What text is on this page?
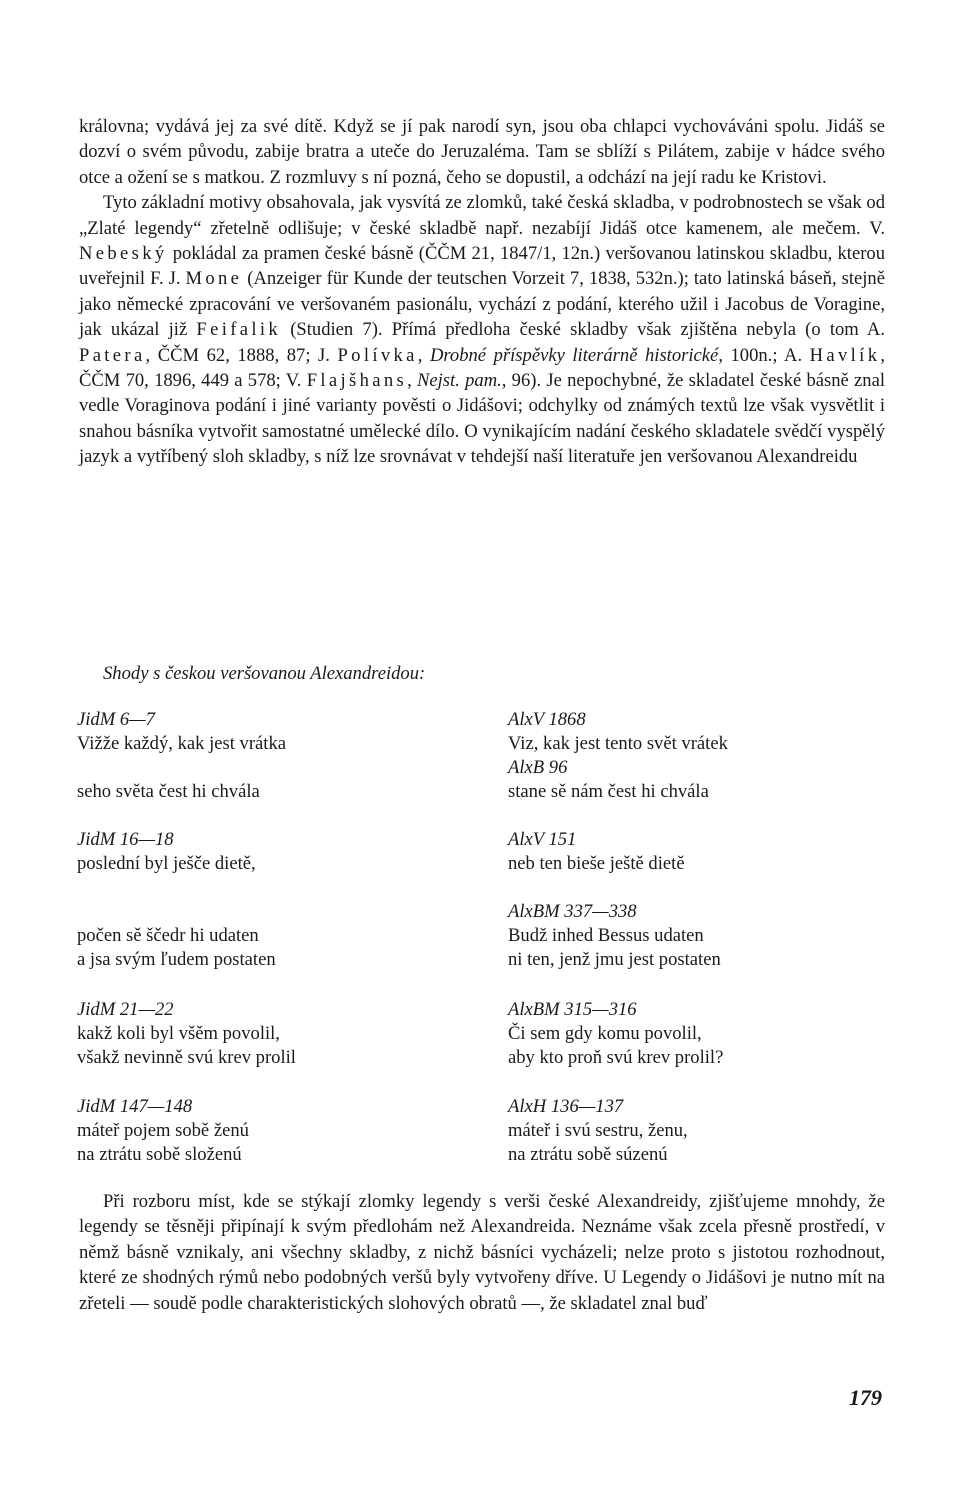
královna; vydává jej za své dítě. Když se jí pak narodí syn, jsou oba chlapci vychováváni spolu. Jidáš se dozví o svém původu, zabije bratra a uteče do Jeruzaléma. Tam se sblíží s Pilátem, zabije v hádce svého otce a ožení se s matkou. Z rozmluvy s ní pozná, čeho se dopustil, a odchází na její radu ke Kristovi.

Tyto základní motivy obsahovala, jak vysvítá ze zlomků, také česká skladba, v podrobnostech se však od „Zlaté legendy“ zřetelně odlišuje; v české skladbě např. nezabíjí Jidáš otce kamenem, ale mečem. V. Nebeský pokládal za pramen české básně (ČČM 21, 1847/1, 12n.) veršovanou latinskou skladbu, kterou uveřejnil F. J. Mone (Anzeiger für Kunde der teutschen Vorzeit 7, 1838, 532n.); tato latinská báseň, stejně jako německé zpracování ve veršovaném pasionálu, vychází z podání, kterého užil i Jacobus de Voragine, jak ukázal již Feifalik (Studien 7). Přímá předloha české skladby však zjištěna nebyla (o tom A. Patera, ČČM 62, 1888, 87; J. Polívka, Drobné příspěvky literárně historické, 100n.; A. Havlík, ČČM 70, 1896, 449 a 578; V. Flajšhans, Nejst. pam., 96). Je nepochybné, že skladatel české básně znal vedle Voraginova podání i jiné varianty pověsti o Jidášovi; odchylky od známých textů lze však vysvětlit i snahou básníka vytvořit samostatné umělecké dílo. O vynikajícím nadání českého skladatele svědčí vyspělý jazyk a vytříbený sloh skladby, s níž lze srovnávat v tehdejší naší literatuře jen veršovanou Alexandreidu

Shody s českou veršovanou Alexandreidou:

JidM 6—7
Vižže každý, kak jest vrátka
seho světa čest hi chvála
AlxV 1868
Viz, kak jest tento svět vrátek
AlxB 96
stane sě nám čest hi chvála
JidM 16—18
poslední byl ješče dietě,
počen sě ščedr hi udaten
a jsa svým ľudem postaten
AlxV 151
neb ten bieše ještě dietě
AlxBM 337—338
Budž inhed Bessus udaten
ni ten, jenž jmu jest postaten
JidM 21—22
kakž koli byl všěm povolil,
všakž nevinně svú krev prolil
AlxBM 315—316
Či sem gdy komu povolil,
aby kto proň svú krev prolil?
JidM 147—148
máteř pojem sobě ženú
na ztrátu sobě složenú
AlxH 136—137
máteř i svú sestru, ženu,
na ztrátu sobě súzenú

Při rozboru míst, kde se stýkají zlomky legendy s verši české Alexandreidy, zjišťujeme mnohdy, že legendy se těsněji připínají k svým předlohám než Alexandreida. Neznáme však zcela přesně prostředí, v němž básně vznikaly, ani všechny skladby, z nichž básníci vycházeli; nelze proto s jistotou rozhodnout, které ze shodných rýmů nebo podobných veršů byly vytvořeny dříve. U Legendy o Jidášovi je nutno mít na zřeteli — soudě podle charakteristických slohových obratů —, že skladatel znal buď

179
